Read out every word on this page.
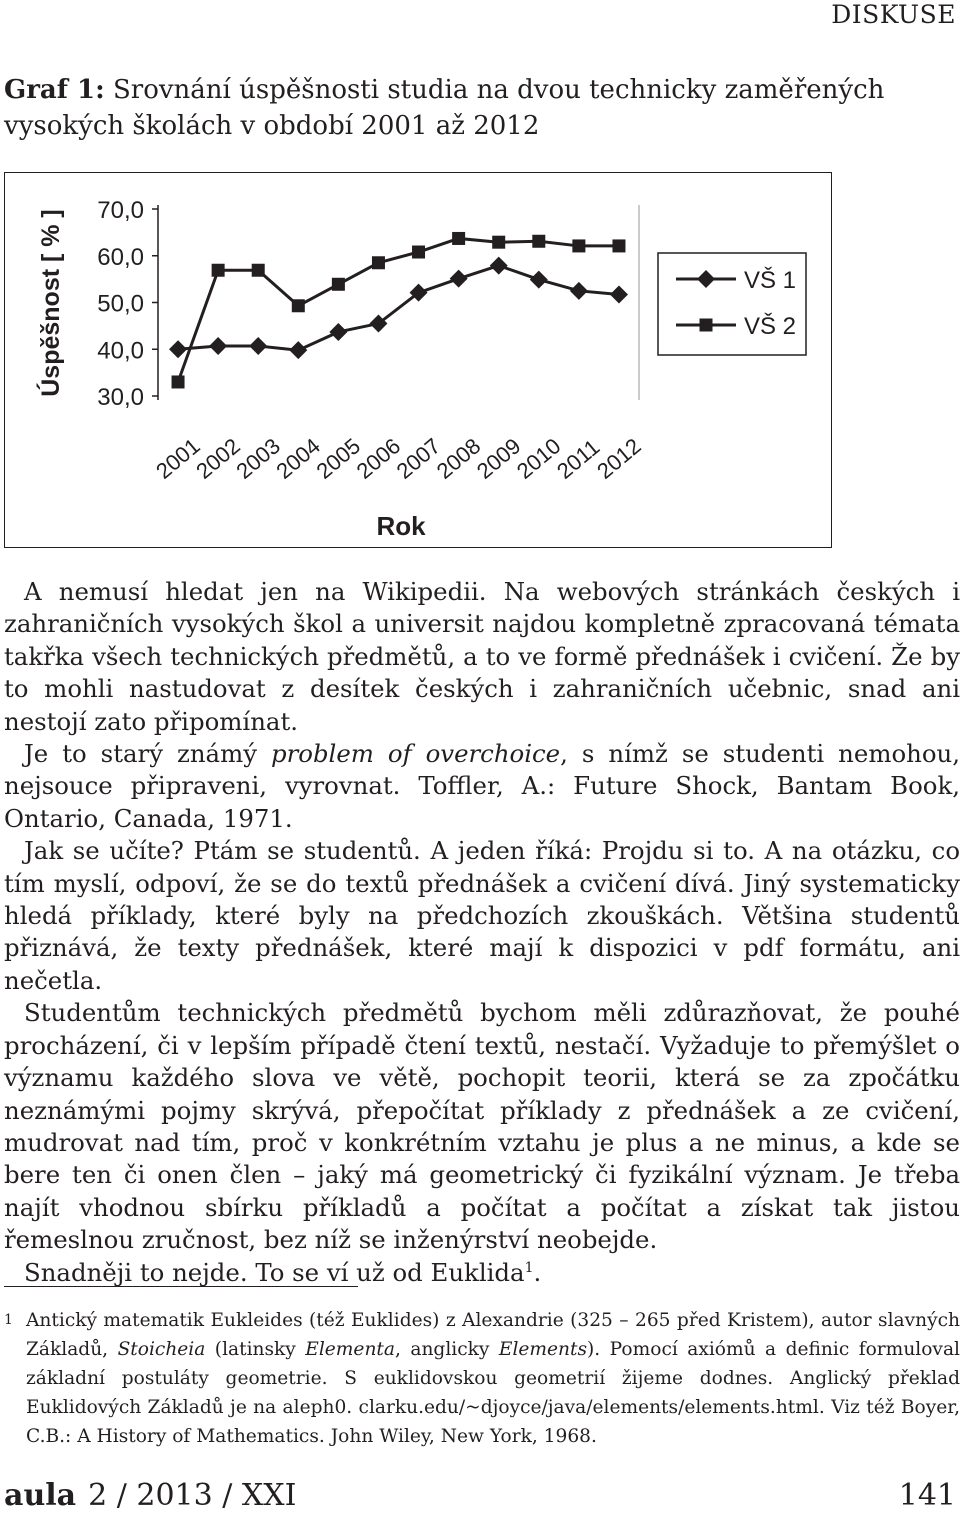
DISKUSE
Graf 1: Srovnání úspěšnosti studia na dvou technicky zaměřených vysokých školách v období 2001 až 2012
70,0
60,0
50,0
40,0
30,0
Úspěšnost [ % ]
2001
2002
2003
2004
2005
2006
2007
2008
2009
2010
2011
2012
Rok
VŠ 1
VŠ 2

A nemusí hledat jen na Wikipedii. Na webových stránkách českých i zahraničních vysokých škol a universit najdou kompletně zpracovaná témata takřka všech technických předmětů, a to ve formě přednášek i cvičení. Že by to mohli nastudovat z desítek českých i zahraničních učebnic, snad ani nestojí zato připomínat.

Je to starý známý problem of overchoice, s nímž se studenti nemohou, nejsouce připraveni, vyrovnat. Toffler, A.: Future Shock, Bantam Book, Ontario, Canada, 1971.

Jak se učíte? Ptám se studentů. A jeden říká: Projdu si to. A na otázku, co tím myslí, odpoví, že se do textů přednášek a cvičení dívá. Jiný systematicky hledá příklady, které byly na předchozích zkouškách. Většina studentů přiznává, že texty přednášek, které mají k dispozici v pdf formátu, ani nečetla.

Studentům technických předmětů bychom měli zdůrazňovat, že pouhé procházení, či v lepším případě čtení textů, nestačí. Vyžaduje to přemýšlet o významu každého slova ve větě, pochopit teorii, která se za zpočátku neznámými pojmy skrývá, přepočítat příklady z přednášek a ze cvičení, mudrovat nad tím, proč v konkrétním vztahu je plus a ne minus, a kde se bere ten či onen člen – jaký má geometrický či fyzikální význam. Je třeba najít vhodnou sbírku příkladů a počítat a počítat a získat tak jistou řemeslnou zručnost, bez níž se inženýrství neobejde.

Snadněji to nejde. To se ví už od Euklida$^1$.

1 Antický matematik Eukleides (též Euklides) z Alexandrie (325 – 265 před Kristem), autor slavných Základů, Stoicheia (latinsky Elementa, anglicky Elements). Pomocí axiómů a definic formuloval základní postuláty geometrie. S euklidovskou geometrií žijeme dodnes. Anglický překlad Euklidových Základů je na aleph0. clarku.edu/~djoyce/java/elements/elements.html. Viz též Boyer, C.B.: A History of Mathematics. John Wiley, New York, 1968.
aula 2 / 2013 / XXI	141
